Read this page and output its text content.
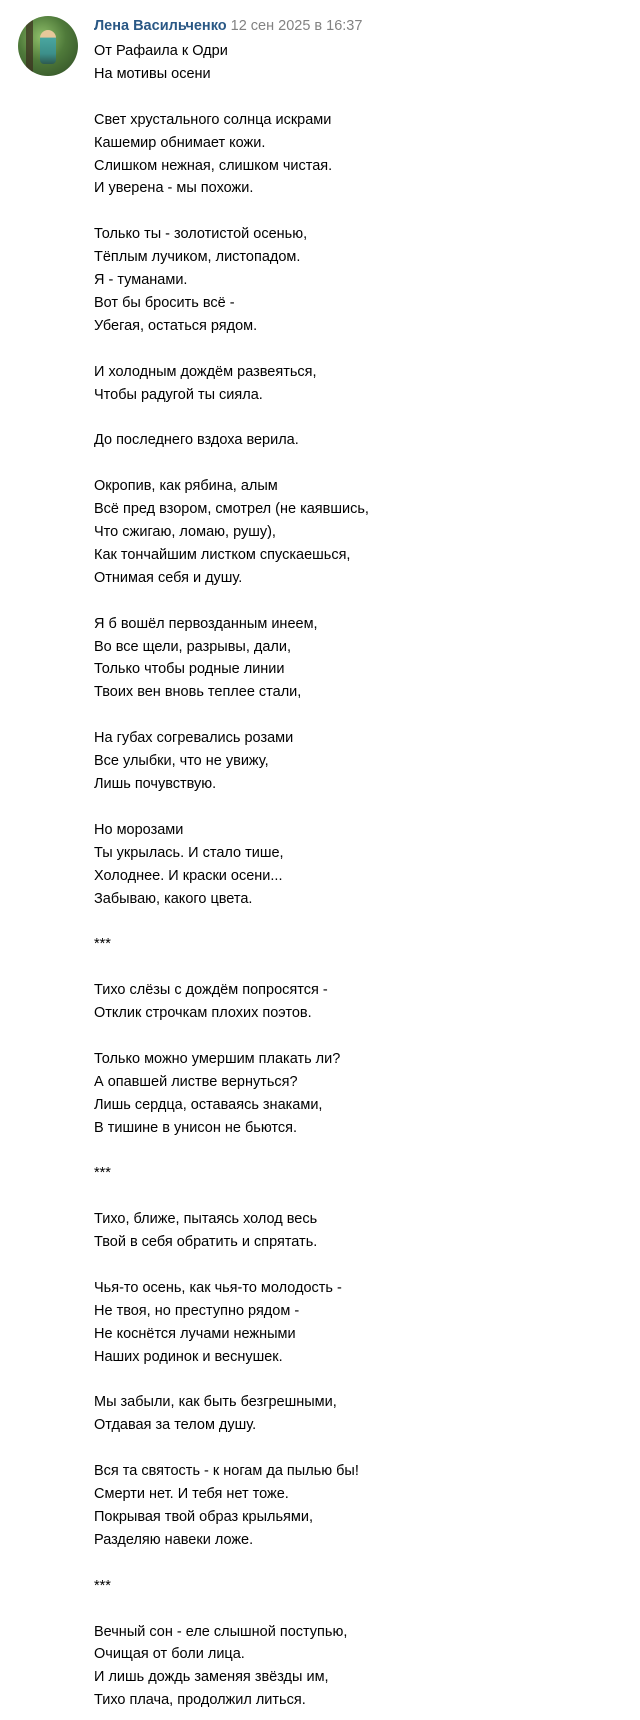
Лена Васильченко 12 сен 2025 в 16:37
От Рафаила к Одри
На мотивы осени

Свет хрустального солнца искрами
Кашемир обнимает кожи.
Слишком нежная, слишком чистая.
И уверена - мы похожи.

Только ты - золотистой осенью,
Тёплым лучиком, листопадом.
Я - туманами.
Вот бы бросить всё -
Убегая, остаться рядом.

И холодным дождём развеяться,
Чтобы радугой ты сияла.

До последнего вздоха верила.

Окропив, как рябина, алым
Всё пред взором, смотрел (не каявшись,
Что сжигаю, ломаю, рушу),
Как тончайшим листком спускаешься,
Отнимая себя и душу.

Я б вошёл первозданным инеем,
Во все щели, разрывы, дали,
Только чтобы родные линии
Твоих вен вновь теплее стали,

На губах согревались розами
Все улыбки, что не увижу,
Лишь почувствую.

Но морозами
Ты укрылась. И стало тише,
Холоднее. И краски осени...
Забываю, какого цвета.

***

Тихо слёзы с дождём попросятся -
Отклик строчкам плохих поэтов.

Только можно умершим плакать ли?
А опавшей листве вернуться?
Лишь сердца, оставаясь знаками,
В тишине в унисон не бьются.

***

Тихо, ближе, пытаясь холод весь
Твой в себя обратить и спрятать.

Чья-то осень, как чья-то молодость -
Не твоя, но преступно рядом -
Не коснётся лучами нежными
Наших родинок и веснушек.

Мы забыли, как быть безгрешными,
Отдавая за телом душу.

Вся та святость - к ногам да пылью бы!
Смерти нет. И тебя нет тоже.
Покрывая твой образ крыльями,
Разделяю навеки ложе.

***

Вечный сон - еле слышной поступью,
Очищая от боли лица.
И лишь дождь заменяя звёзды им,
Тихо плача, продолжил литься.
